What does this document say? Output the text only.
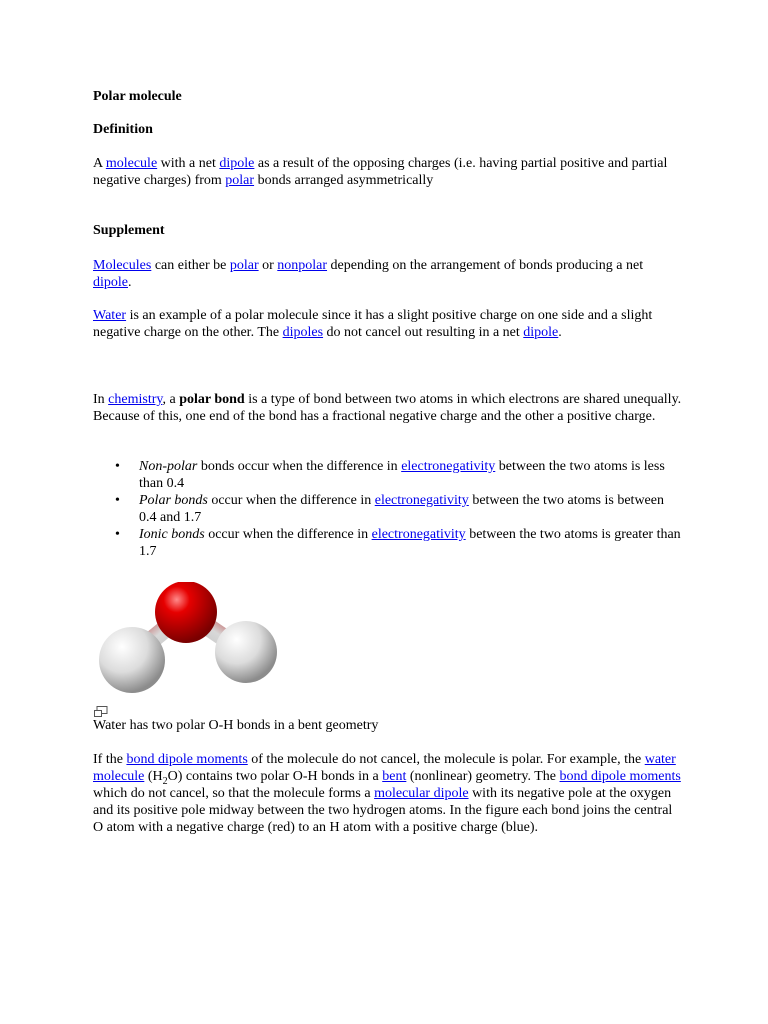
Polar molecule

Definition

A molecule with a net dipole as a result of the opposing charges (i.e. having partial positive and partial negative charges) from polar bonds arranged asymmetrically

Supplement

Molecules can either be polar or nonpolar depending on the arrangement of bonds producing a net dipole.

Water is an example of a polar molecule since it has a slight positive charge on one side and a slight negative charge on the other. The dipoles do not cancel out resulting in a net dipole.

In chemistry, a polar bond is a type of bond between two atoms in which electrons are shared unequally. Because of this, one end of the bond has a fractional negative charge and the other a positive charge.

• Non-polar bonds occur when the difference in electronegativity between the two atoms is less than 0.4
• Polar bonds occur when the difference in electronegativity between the two atoms is between 0.4 and 1.7
• Ionic bonds occur when the difference in electronegativity between the two atoms is greater than 1.7

Water has two polar O-H bonds in a bent geometry

If the bond dipole moments of the molecule do not cancel, the molecule is polar. For example, the water molecule $(H_2O)$ contains two polar O-H bonds in a bent (nonlinear) geometry. The bond dipole moments which do not cancel, so that the molecule forms a molecular dipole with its negative pole at the oxygen and its positive pole midway between the two hydrogen atoms. In the figure each bond joins the central O atom with a negative charge (red) to an H atom with a positive charge (blue).
